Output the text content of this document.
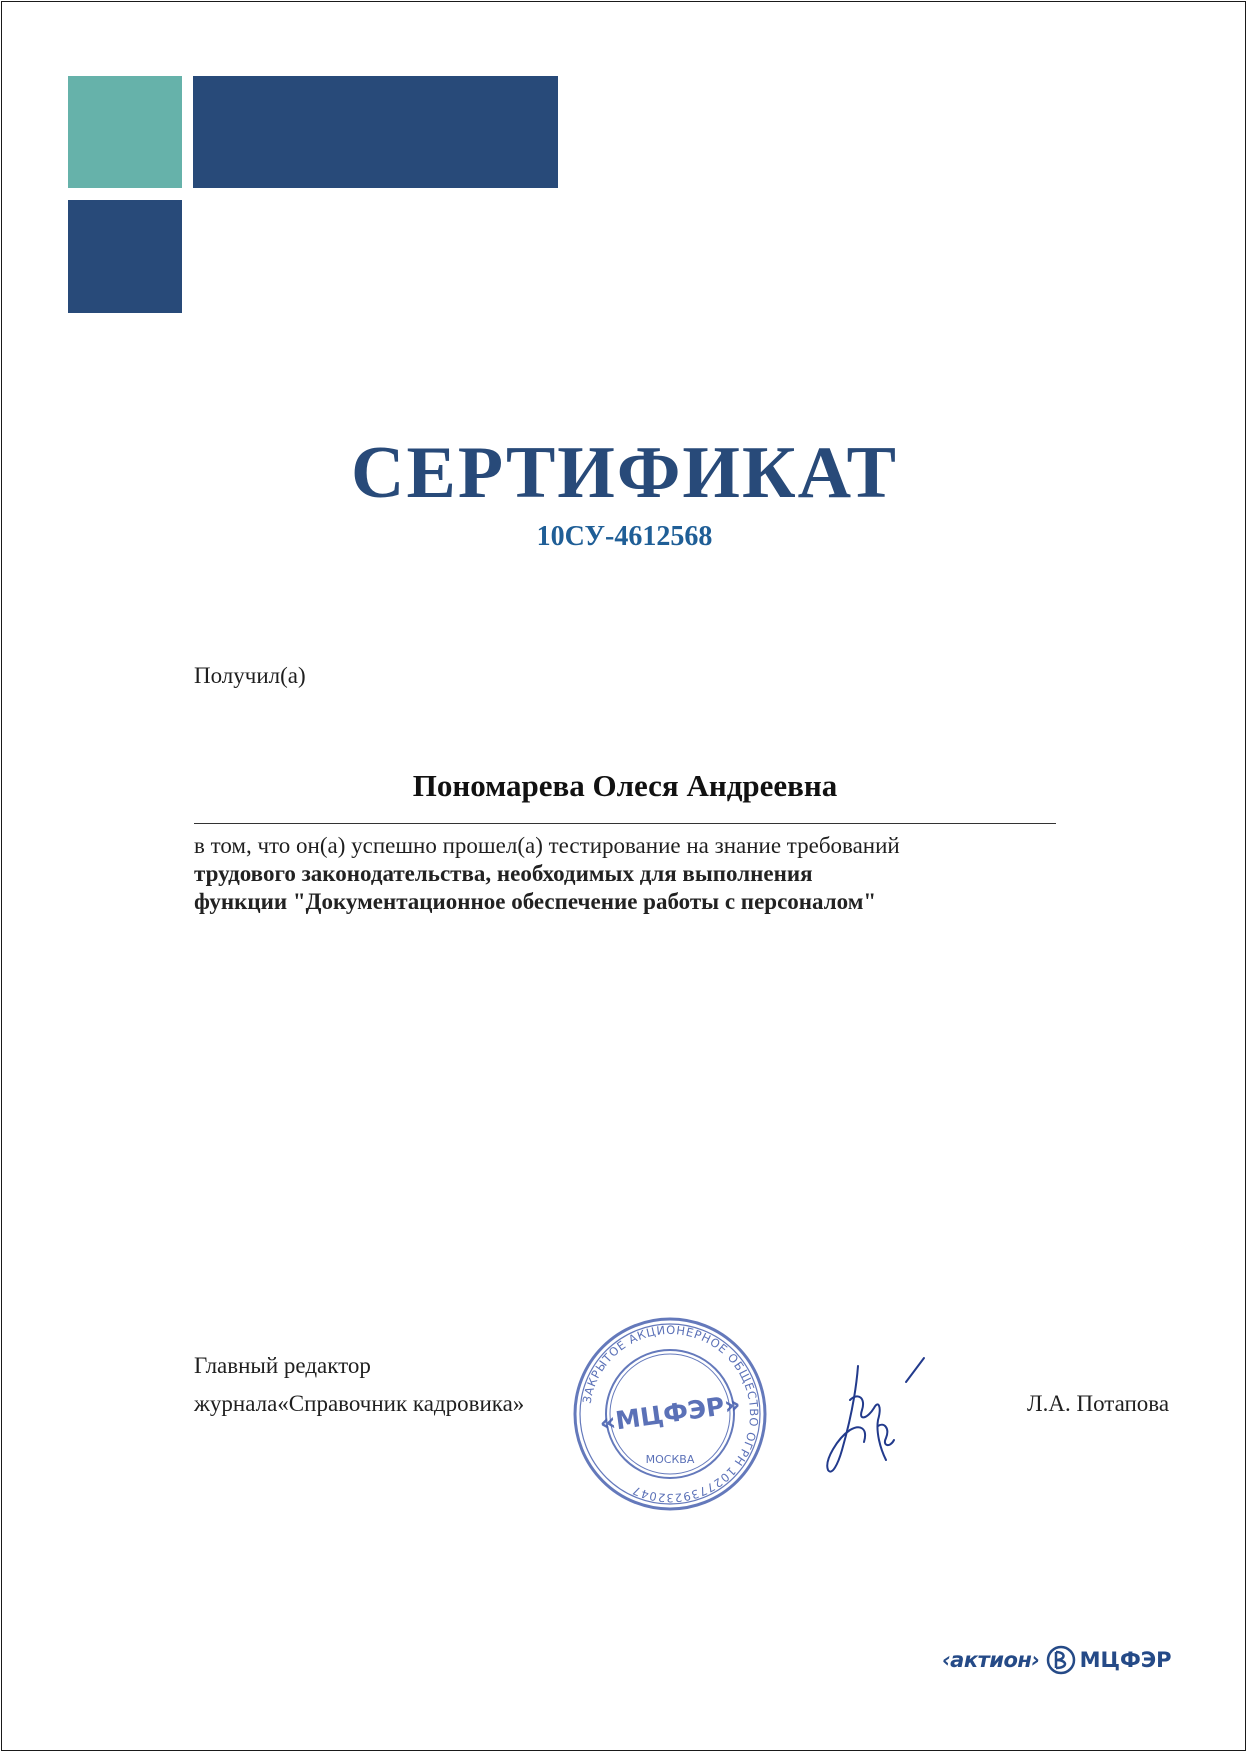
СЕРТИФИКАТ
10СУ-4612568
Получил(а)
Пономарева Олеся Андреевна
в том, что он(а) успешно прошел(а) тестирование на знание требований
трудового законодательства, необходимых для выполнения
функции "Документационное обеспечение работы с персоналом"
Главный редактор
журнала«Справочник кадровика»	Л.А. Потапова
ЗАКРЫТОЕ АКЦИОНЕРНОЕ ОБЩЕСТВО ОГРН 1027739232047
«МЦФЭР»
МОСКВА
‹актион› МЦФЭР
